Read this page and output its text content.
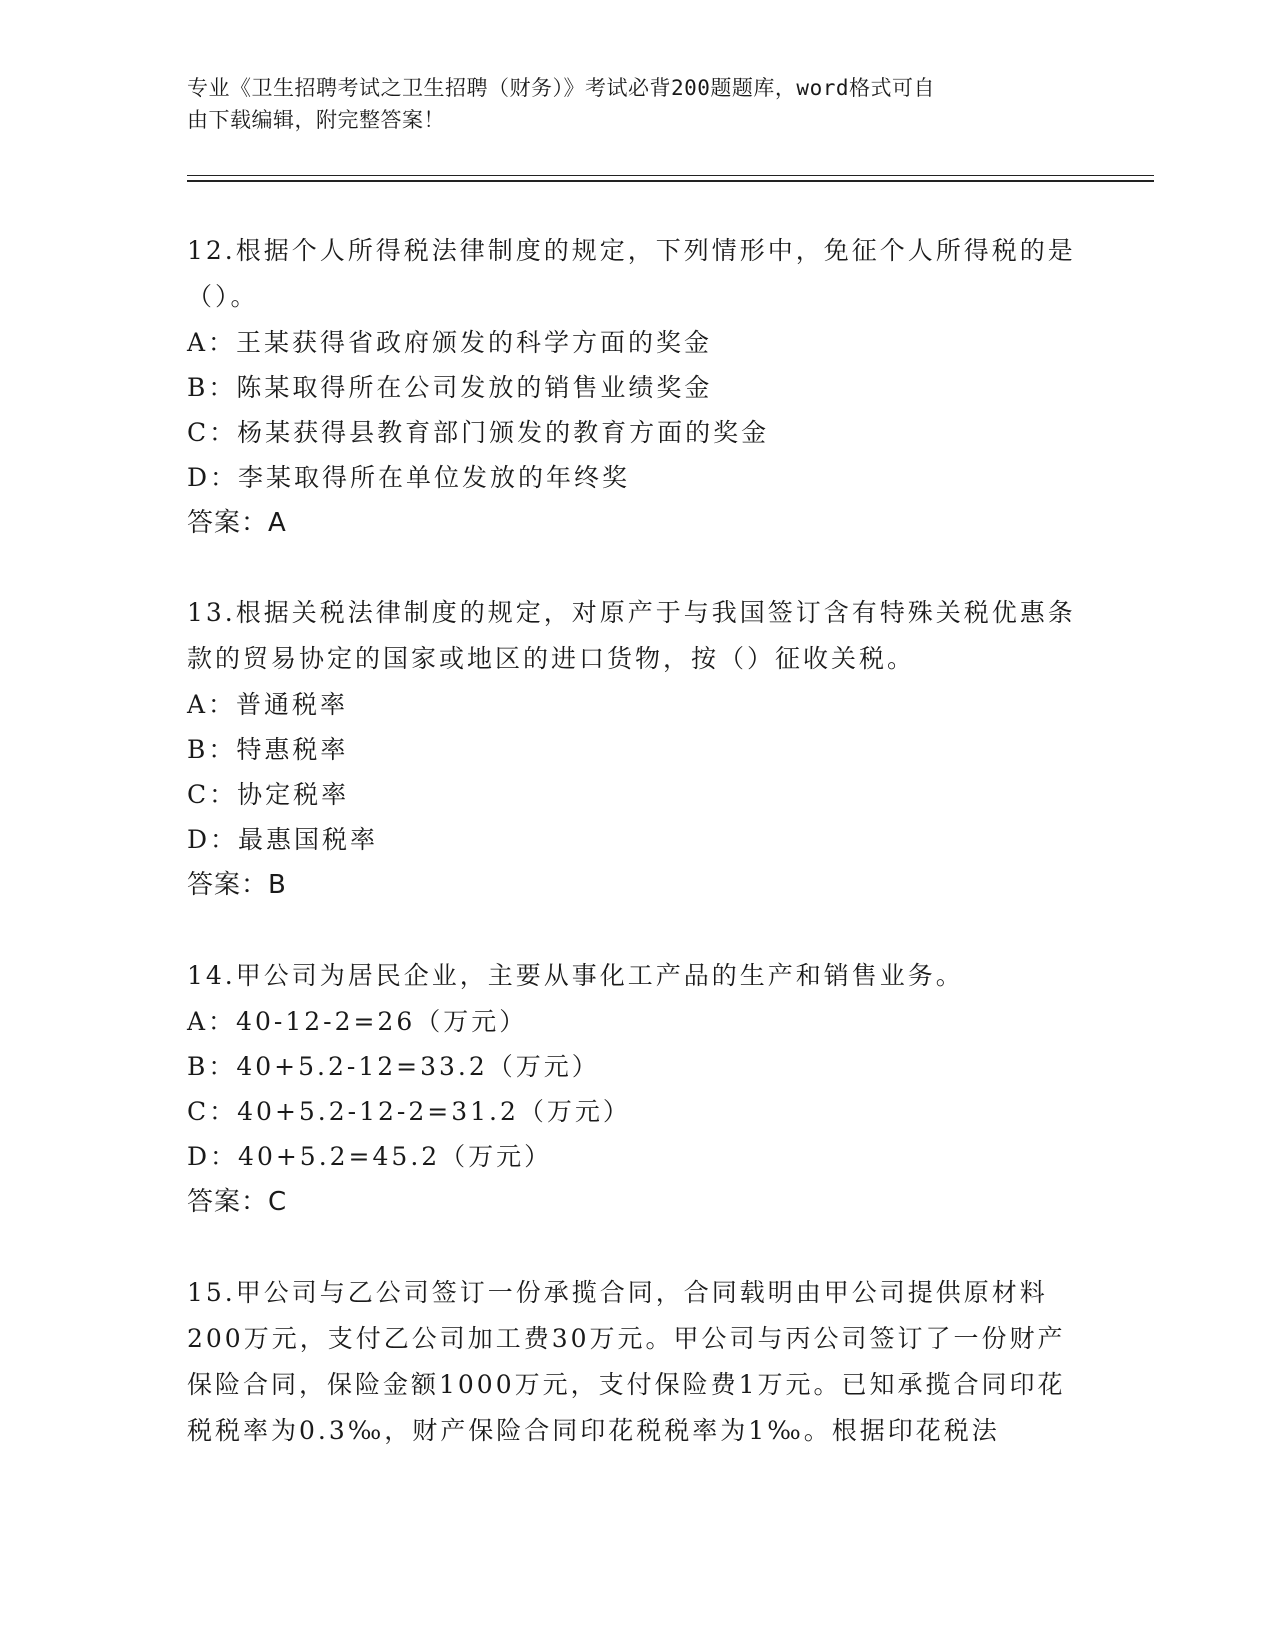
专业《卫生招聘考试之卫生招聘（财务）》考试必背200题题库，word格式可自
由下载编辑，附完整答案！

12.根据个人所得税法律制度的规定，下列情形中，免征个人所得税的是（）。

A：王某获得省政府颁发的科学方面的奖金

B：陈某取得所在公司发放的销售业绩奖金

C：杨某获得县教育部门颁发的教育方面的奖金

D：李某取得所在单位发放的年终奖

答案：A

13.根据关税法律制度的规定，对原产于与我国签订含有特殊关税优惠条款的贸易协定的国家或地区的进口货物，按（）征收关税。

A：普通税率

B：特惠税率

C：协定税率

D：最惠国税率

答案：B

14.甲公司为居民企业，主要从事化工产品的生产和销售业务。

A：40-12-2=26（万元）

B：40+5.2-12=33.2（万元）

C：40+5.2-12-2=31.2（万元）

D：40+5.2=45.2（万元）

答案：C

15.甲公司与乙公司签订一份承揽合同，合同载明由甲公司提供原材料200万元，支付乙公司加工费30万元。甲公司与丙公司签订了一份财产保险合同，保险金额1000万元，支付保险费1万元。已知承揽合同印花税税率为0.3‰，财产保险合同印花税税率为1‰。根据印花税法
